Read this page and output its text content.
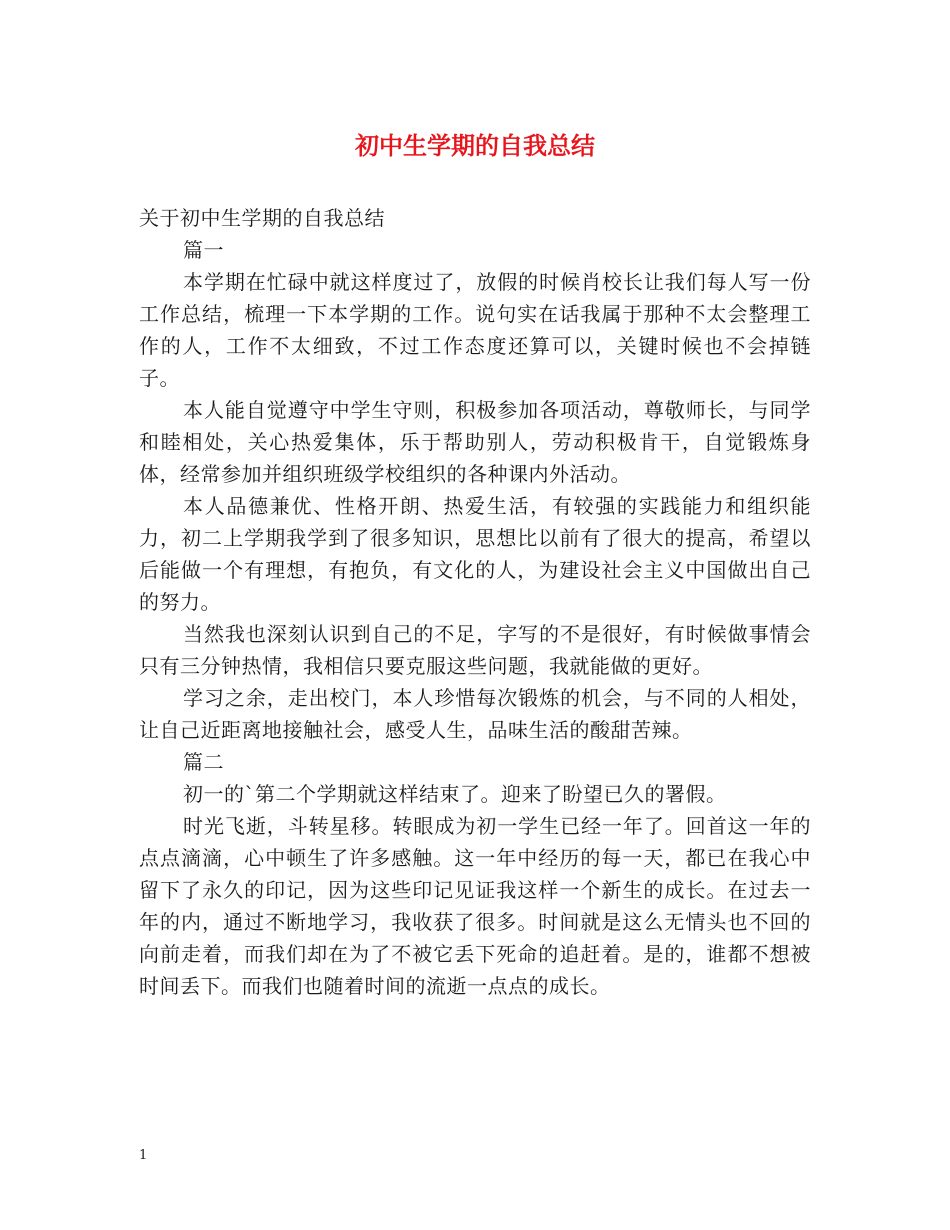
初中生学期的自我总结

关于初中生学期的自我总结

篇一

本学期在忙碌中就这样度过了，放假的时候肖校长让我们每人写一份工作总结，梳理一下本学期的工作。说句实在话我属于那种不太会整理工作的人，工作不太细致，不过工作态度还算可以，关键时候也不会掉链子。

本人能自觉遵守中学生守则，积极参加各项活动，尊敬师长，与同学和睦相处，关心热爱集体，乐于帮助别人，劳动积极肯干，自觉锻炼身体，经常参加并组织班级学校组织的各种课内外活动。

本人品德兼优、性格开朗、热爱生活，有较强的实践能力和组织能力，初二上学期我学到了很多知识，思想比以前有了很大的提高，希望以后能做一个有理想，有抱负，有文化的人，为建设社会主义中国做出自己的努力。

当然我也深刻认识到自己的不足，字写的不是很好，有时候做事情会只有三分钟热情，我相信只要克服这些问题，我就能做的更好。

学习之余，走出校门，本人珍惜每次锻炼的机会，与不同的人相处，让自己近距离地接触社会，感受人生，品味生活的酸甜苦辣。

篇二

初一的`第二个学期就这样结束了。迎来了盼望已久的署假。

时光飞逝，斗转星移。转眼成为初一学生已经一年了。回首这一年的点点滴滴，心中顿生了许多感触。这一年中经历的每一天，都已在我心中留下了永久的印记，因为这些印记见证我这样一个新生的成长。在过去一年的内，通过不断地学习，我收获了很多。时间就是这么无情头也不回的向前走着，而我们却在为了不被它丢下死命的追赶着。是的，谁都不想被时间丢下。而我们也随着时间的流逝一点点的成长。

1
